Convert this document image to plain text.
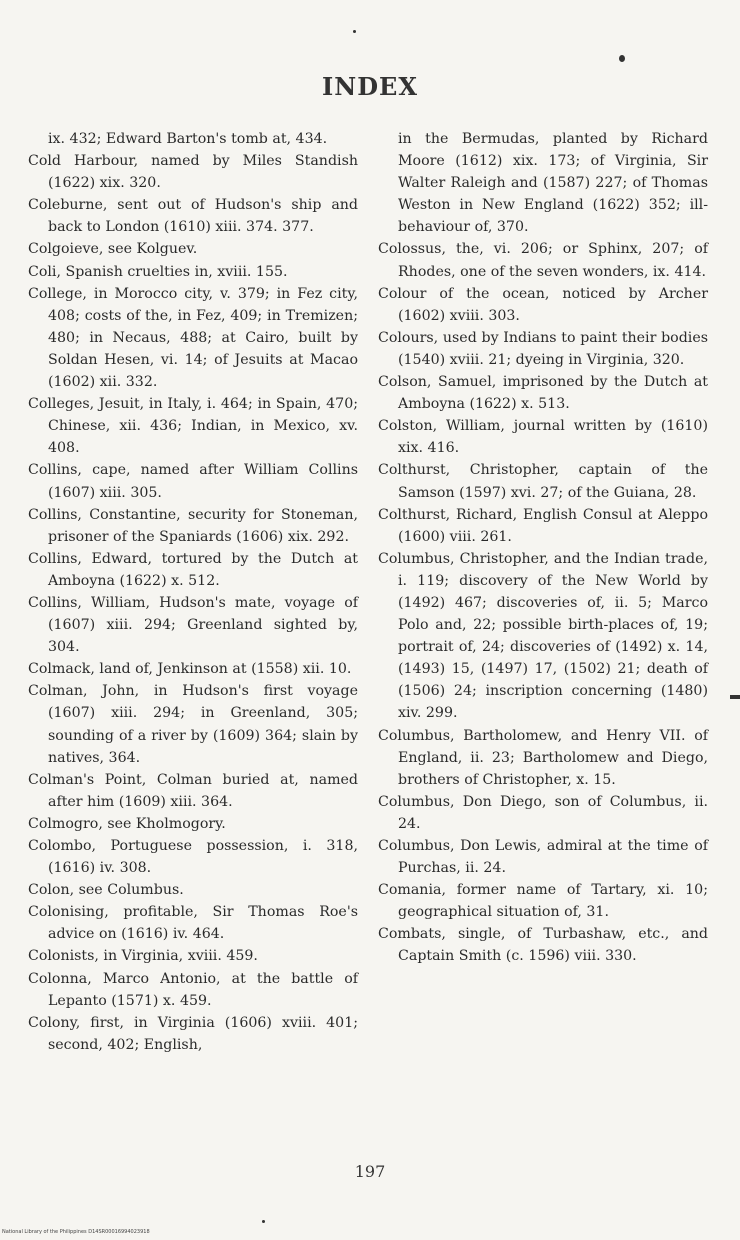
INDEX

ix. 432; Edward Barton's tomb at, 434.

Cold Harbour, named by Miles Standish (1622) xix. 320.

Coleburne, sent out of Hudson's ship and back to London (1610) xiii. 374. 377.

Colgoieve, see Kolguev.

Coli, Spanish cruelties in, xviii. 155.

College, in Morocco city, v. 379; in Fez city, 408; costs of the, in Fez, 409; in Tremizen; 480; in Necaus, 488; at Cairo, built by Soldan Hesen, vi. 14; of Jesuits at Macao (1602) xii. 332.

Colleges, Jesuit, in Italy, i. 464; in Spain, 470; Chinese, xii. 436; Indian, in Mexico, xv. 408.

Collins, cape, named after William Collins (1607) xiii. 305.

Collins, Constantine, security for Stoneman, prisoner of the Spaniards (1606) xix. 292.

Collins, Edward, tortured by the Dutch at Amboyna (1622) x. 512.

Collins, William, Hudson's mate, voyage of (1607) xiii. 294; Greenland sighted by, 304.

Colmack, land of, Jenkinson at (1558) xii. 10.

Colman, John, in Hudson's first voyage (1607) xiii. 294; in Greenland, 305; sounding of a river by (1609) 364; slain by natives, 364.

Colman's Point, Colman buried at, named after him (1609) xiii. 364.

Colmogro, see Kholmogory.

Colombo, Portuguese possession, i. 318, (1616) iv. 308.

Colon, see Columbus.

Colonising, profitable, Sir Thomas Roe's advice on (1616) iv. 464.

Colonists, in Virginia, xviii. 459.

Colonna, Marco Antonio, at the battle of Lepanto (1571) x. 459.

Colony, first, in Virginia (1606) xviii. 401; second, 402; English,

in the Bermudas, planted by Richard Moore (1612) xix. 173; of Virginia, Sir Walter Raleigh and (1587) 227; of Thomas Weston in New England (1622) 352; ill-behaviour of, 370.

Colossus, the, vi. 206; or Sphinx, 207; of Rhodes, one of the seven wonders, ix. 414.

Colour of the ocean, noticed by Archer (1602) xviii. 303.

Colours, used by Indians to paint their bodies (1540) xviii. 21; dyeing in Virginia, 320.

Colson, Samuel, imprisoned by the Dutch at Amboyna (1622) x. 513.

Colston, William, journal written by (1610) xix. 416.

Colthurst, Christopher, captain of the Samson (1597) xvi. 27; of the Guiana, 28.

Colthurst, Richard, English Consul at Aleppo (1600) viii. 261.

Columbus, Christopher, and the Indian trade, i. 119; discovery of the New World by (1492) 467; discoveries of, ii. 5; Marco Polo and, 22; possible birth-places of, 19; portrait of, 24; discoveries of (1492) x. 14, (1493) 15, (1497) 17, (1502) 21; death of (1506) 24; inscription concerning (1480) xiv. 299.

Columbus, Bartholomew, and Henry VII. of England, ii. 23; Bartholomew and Diego, brothers of Christopher, x. 15.

Columbus, Don Diego, son of Columbus, ii. 24.

Columbus, Don Lewis, admiral at the time of Purchas, ii. 24.

Comania, former name of Tartary, xi. 10; geographical situation of, 31.

Combats, single, of Turbashaw, etc., and Captain Smith (c. 1596) viii. 330.

197
National Library of the Philippines D14SR00016994023918
